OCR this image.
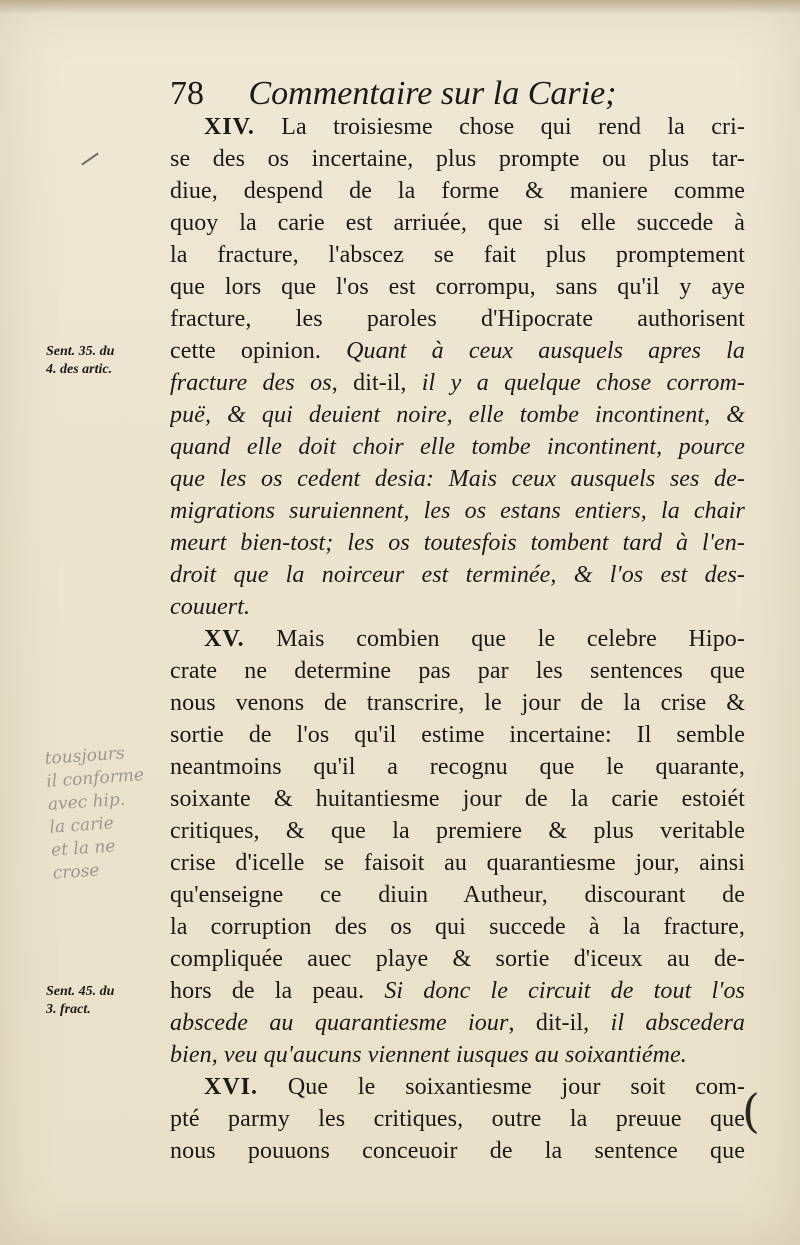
78 Commentaire sur la Carie;
XIV. La troisiesme chose qui rend la cri-
se des os incertaine, plus prompte ou plus tar-
diue, despend de la forme & maniere comme
quoy la carie est arriuée, que si elle succede à
la fracture, l'abscez se fait plus promptement
que lors que l'os est corrompu, sans qu'il y aye
fracture, les paroles d'Hipocrate authorisent
cette opinion. Quant à ceux ausquels apres la
fracture des os, dit-il, il y a quelque chose corrom-
puë, & qui deuient noire, elle tombe incontinent, &
quand elle doit choir elle tombe incontinent, pource
que les os cedent desia: Mais ceux ausquels ses de-
migrations suruiennent, les os estans entiers, la chair
meurt bien-tost; les os toutesfois tombent tard à l'en-
droit que la noirceur est terminée, & l'os est des-
couuert.
XV. Mais combien que le celebre Hipo-
crate ne determine pas par les sentences que
nous venons de transcrire, le jour de la crise &
sortie de l'os qu'il estime incertaine: Il semble
neantmoins qu'il a recognu que le quarante,
soixante & huitantiesme jour de la carie estoiét
critiques, & que la premiere & plus veritable
crise d'icelle se faisoit au quarantiesme jour, ainsi
qu'enseigne ce diuin Autheur, discourant de
la corruption des os qui succede à la fracture,
compliquée auec playe & sortie d'iceux au de-
hors de la peau. Si donc le circuit de tout l'os
abscede au quarantiesme iour, dit-il, il abscedera
bien, veu qu'aucuns viennent iusques au soixantiéme.
XVI. Que le soixantiesme jour soit com-
pté parmy les critiques, outre la preuue que
nous pouuons conceuoir de la sentence que
Sent. 35. du
4. des artic.
Sent. 45. du
3. fract.
tousjours
il conforme
avec hip.
la carie
et la ne
crose
(
